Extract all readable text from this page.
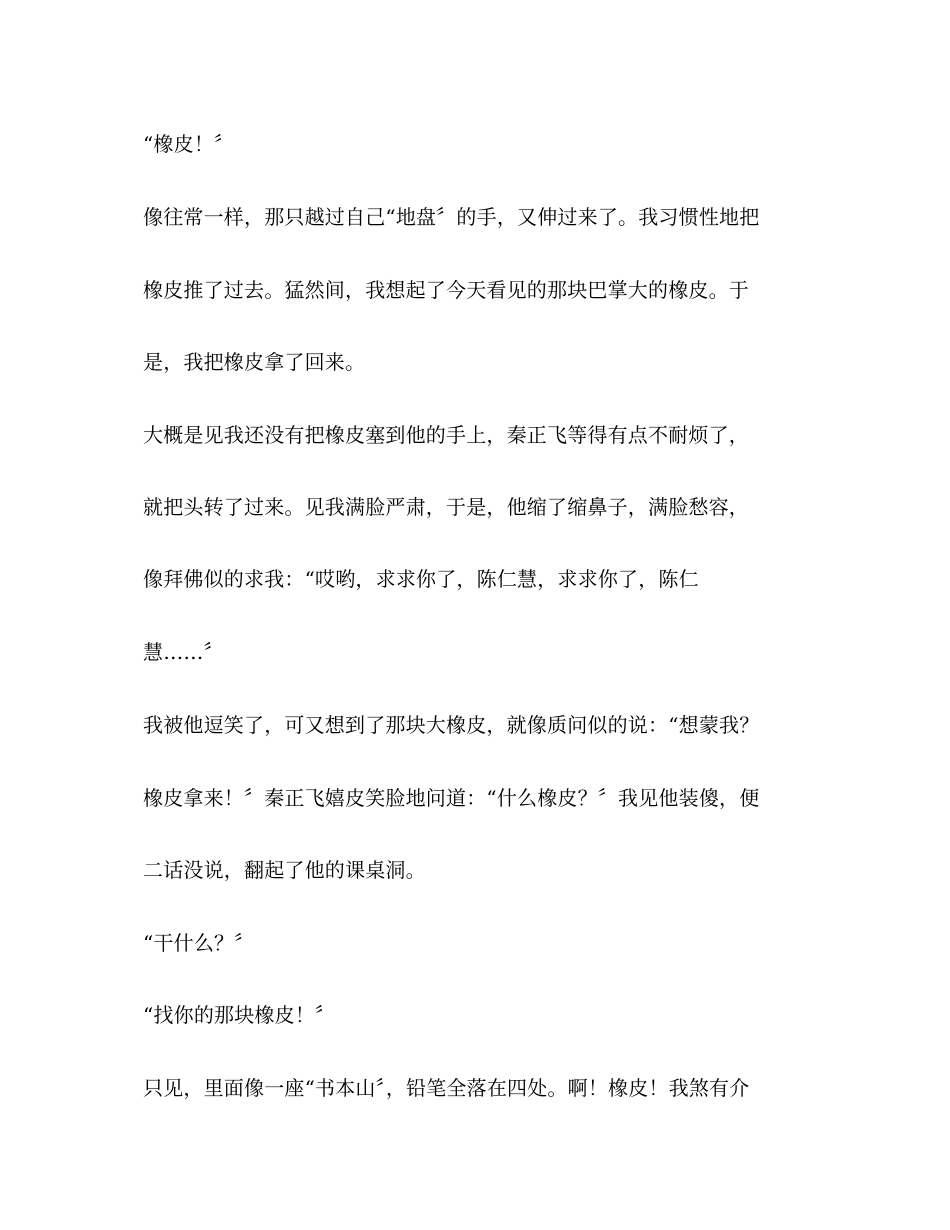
“橡皮！〞
像往常一样，那只越过自己“地盘〞的手，又伸过来了。我习惯性地把
橡皮推了过去。猛然间，我想起了今天看见的那块巴掌大的橡皮。于
是，我把橡皮拿了回来。
大概是见我还没有把橡皮塞到他的手上，秦正飞等得有点不耐烦了，
就把头转了过来。见我满脸严肃，于是，他缩了缩鼻子，满脸愁容，
像拜佛似的求我：“哎哟，求求你了，陈仁慧，求求你了，陈仁
慧……〞
我被他逗笑了，可又想到了那块大橡皮，就像质问似的说：“想蒙我？
橡皮拿来！〞秦正飞嬉皮笑脸地问道：“什么橡皮？〞我见他装傻，便
二话没说，翻起了他的课桌洞。
“干什么？〞
“找你的那块橡皮！〞
只见，里面像一座“书本山〞，铅笔全落在四处。啊！橡皮！我煞有介
